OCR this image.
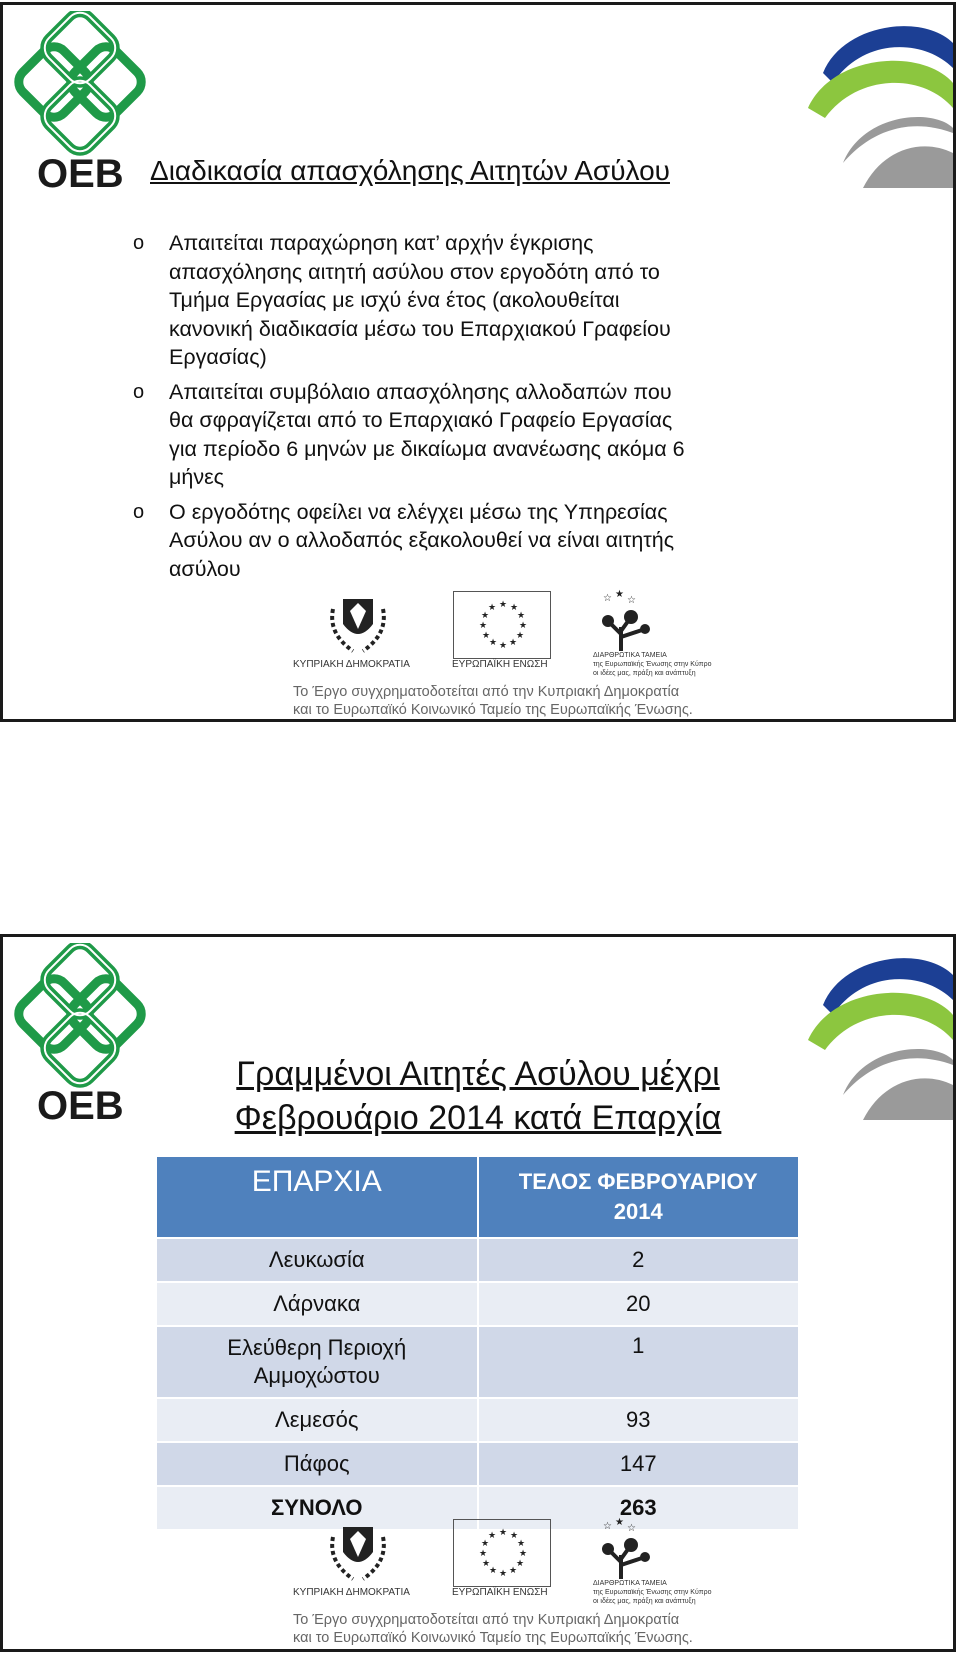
OEB Διαδικασία απασχόλησης Αιτητών Ασύλου
o Απαιτείται παραχώρηση κατ’ αρχήν έγκρισης
απασχόλησης αιτητή ασύλου στον εργοδότη από το
Τμήμα Εργασίας με ισχύ ένα έτος (ακολουθείται
κανονική διαδικασία μέσω του Επαρχιακού Γραφείου
Εργασίας)
o Απαιτείται συμβόλαιο απασχόλησης αλλοδαπών που
θα σφραγίζεται από το Επαρχιακό Γραφείο Εργασίας
για περίοδο 6 μηνών με δικαίωμα ανανέωσης ακόμα 6
μήνες
o Ο εργοδότης οφείλει να ελέγχει μέσω της Υπηρεσίας
Ασύλου αν ο αλλοδαπός εξακολουθεί να είναι αιτητής
ασύλου
★ ★
★
★
★
★
★
★
★
★
★
★
☆ ★
☆
ΚΥΠΡΙΑΚΗ ΔΗΜΟΚΡΑΤΙΑ	ΕΥΡΩΠΑΪΚΗ ΕΝΩΣΗ
ΔΙΑΡΘΡΩΤΙΚΑ ΤΑΜΕΙΑ
της Ευρωπαϊκής Ένωσης στην Κύπρο
οι ιδέες μας, πράξη και ανάπτυξη
Το Έργο συγχρηματοδοτείται από την Κυπριακή Δημοκρατία
και το Ευρωπαϊκό Κοινωνικό Ταμείο της Ευρωπαϊκής Ένωσης.
OEB
Γραμμένοι Αιτητές Ασύλου μέχρι
Φεβρουάριο 2014 κατά Επαρχία
ΕΠΑΡΧΙΑ	ΤΕΛΟΣ ΦΕΒΡΟΥΑΡΙΟΥ
2014

Λευκωσία	2
Λάρνακα	20

Ελεύθερη Περιοχή
Αμμοχώστου	1
Λεμεσός	93
Πάφος	147
ΣΥΝΟΛΟ	263
★ ★
★
★
★
★
★
★
★
★
★
★
☆ ★
☆
ΚΥΠΡΙΑΚΗ ΔΗΜΟΚΡΑΤΙΑ	ΕΥΡΩΠΑΪΚΗ ΕΝΩΣΗ
ΔΙΑΡΘΡΩΤΙΚΑ ΤΑΜΕΙΑ
της Ευρωπαϊκής Ένωσης στην Κύπρο
οι ιδέες μας, πράξη και ανάπτυξη
Το Έργο συγχρηματοδοτείται από την Κυπριακή Δημοκρατία
και το Ευρωπαϊκό Κοινωνικό Ταμείο της Ευρωπαϊκής Ένωσης.
